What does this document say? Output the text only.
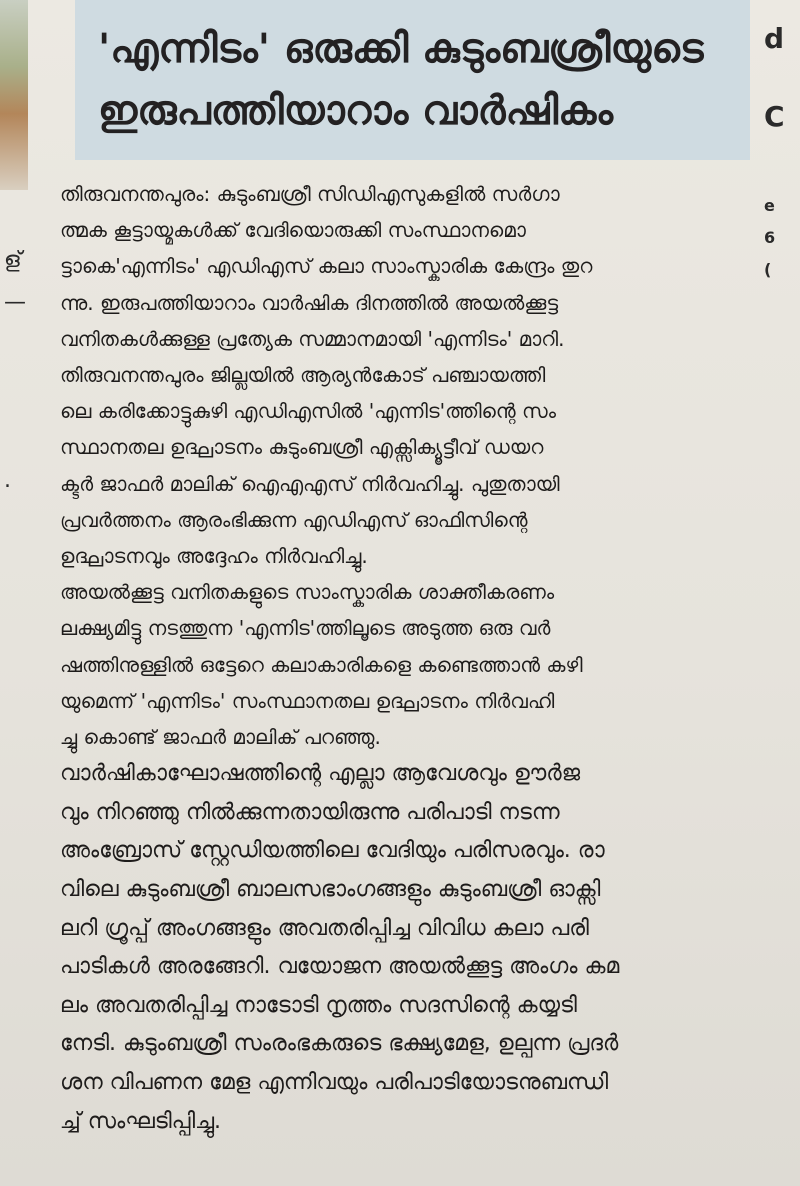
'എന്നിടം' ഒരുക്കി കുടുംബശ്രീയുടെ
ഇരുപത്തിയാറാം വാർഷികം
ള്
—
.
d
C
e
6
(
തിരുവനന്തപുരം: കുടുംബശ്രീ സിഡിഎസുകളിൽ സർഗാ
ത്മക കൂട്ടായ്മകൾക്ക് വേദിയൊരുക്കി സംസ്ഥാനമൊ
ട്ടാകെ'എന്നിടം' എഡിഎസ് കലാ സാംസ്കാരിക കേന്ദ്രം തുറ
ന്നു. ഇരുപത്തിയാറാം വാർഷിക ദിനത്തിൽ അയൽക്കൂട്ട
വനിതകൾക്കുള്ള പ്രത്യേക സമ്മാനമായി 'എന്നിടം' മാറി.
തിരുവനന്തപുരം ജില്ലയിൽ ആര്യൻകോട് പഞ്ചായത്തി
ലെ കരിക്കോട്ടുകുഴി എഡിഎസിൽ 'എന്നിട'ത്തിന്റെ സം
സ്ഥാനതല ഉദ്ഘാടനം കുടുംബശ്രീ എക്സിക്യൂട്ടീവ് ഡയറ
ക്ടർ ജാഫർ മാലിക് ഐഎഎസ് നിർവഹിച്ചു. പുതുതായി
പ്രവർത്തനം ആരംഭിക്കുന്ന എഡിഎസ് ഓഫിസിന്റെ
ഉദ്ഘാടനവും അദ്ദേഹം നിർവഹിച്ചു.
അയൽക്കൂട്ട വനിതകളുടെ സാംസ്കാരിക ശാക്തീകരണം
ലക്ഷ്യമിട്ടു നടത്തുന്ന 'എന്നിട'ത്തിലൂടെ അടുത്ത ഒരു വർ
ഷത്തിനുള്ളിൽ ഒട്ടേറെ കലാകാരികളെ കണ്ടെത്താൻ കഴി
യുമെന്ന് 'എന്നിടം' സംസ്ഥാനതല ഉദ്ഘാടനം നിർവഹി
ച്ചു കൊണ്ട് ജാഫർ മാലിക് പറഞ്ഞു.
വാർഷികാഘോഷത്തിന്റെ എല്ലാ ആവേശവും ഊർജ
വും നിറഞ്ഞു നിൽക്കുന്നതായിരുന്നു പരിപാടി നടന്ന
അംബ്രോസ് സ്റ്റേഡിയത്തിലെ വേദിയും പരിസരവും. രാ
വിലെ കുടുംബശ്രീ ബാലസഭാംഗങ്ങളും കുടുംബശ്രീ ഓക്സി
ലറി ഗ്രൂപ്പ് അംഗങ്ങളും അവതരിപ്പിച്ച വിവിധ കലാ പരി
പാടികൾ അരങ്ങേറി. വയോജന അയൽക്കൂട്ട അംഗം കമ
ലം അവതരിപ്പിച്ച നാടോടി നൃത്തം സദസിന്റെ കയ്യടി
നേടി. കുടുംബശ്രീ സംരംഭകരുടെ ഭക്ഷ്യമേള, ഉല്പന്ന പ്രദർ
ശന വിപണന മേള എന്നിവയും പരിപാടിയോടനുബന്ധി
ച്ച് സംഘടിപ്പിച്ചു.
